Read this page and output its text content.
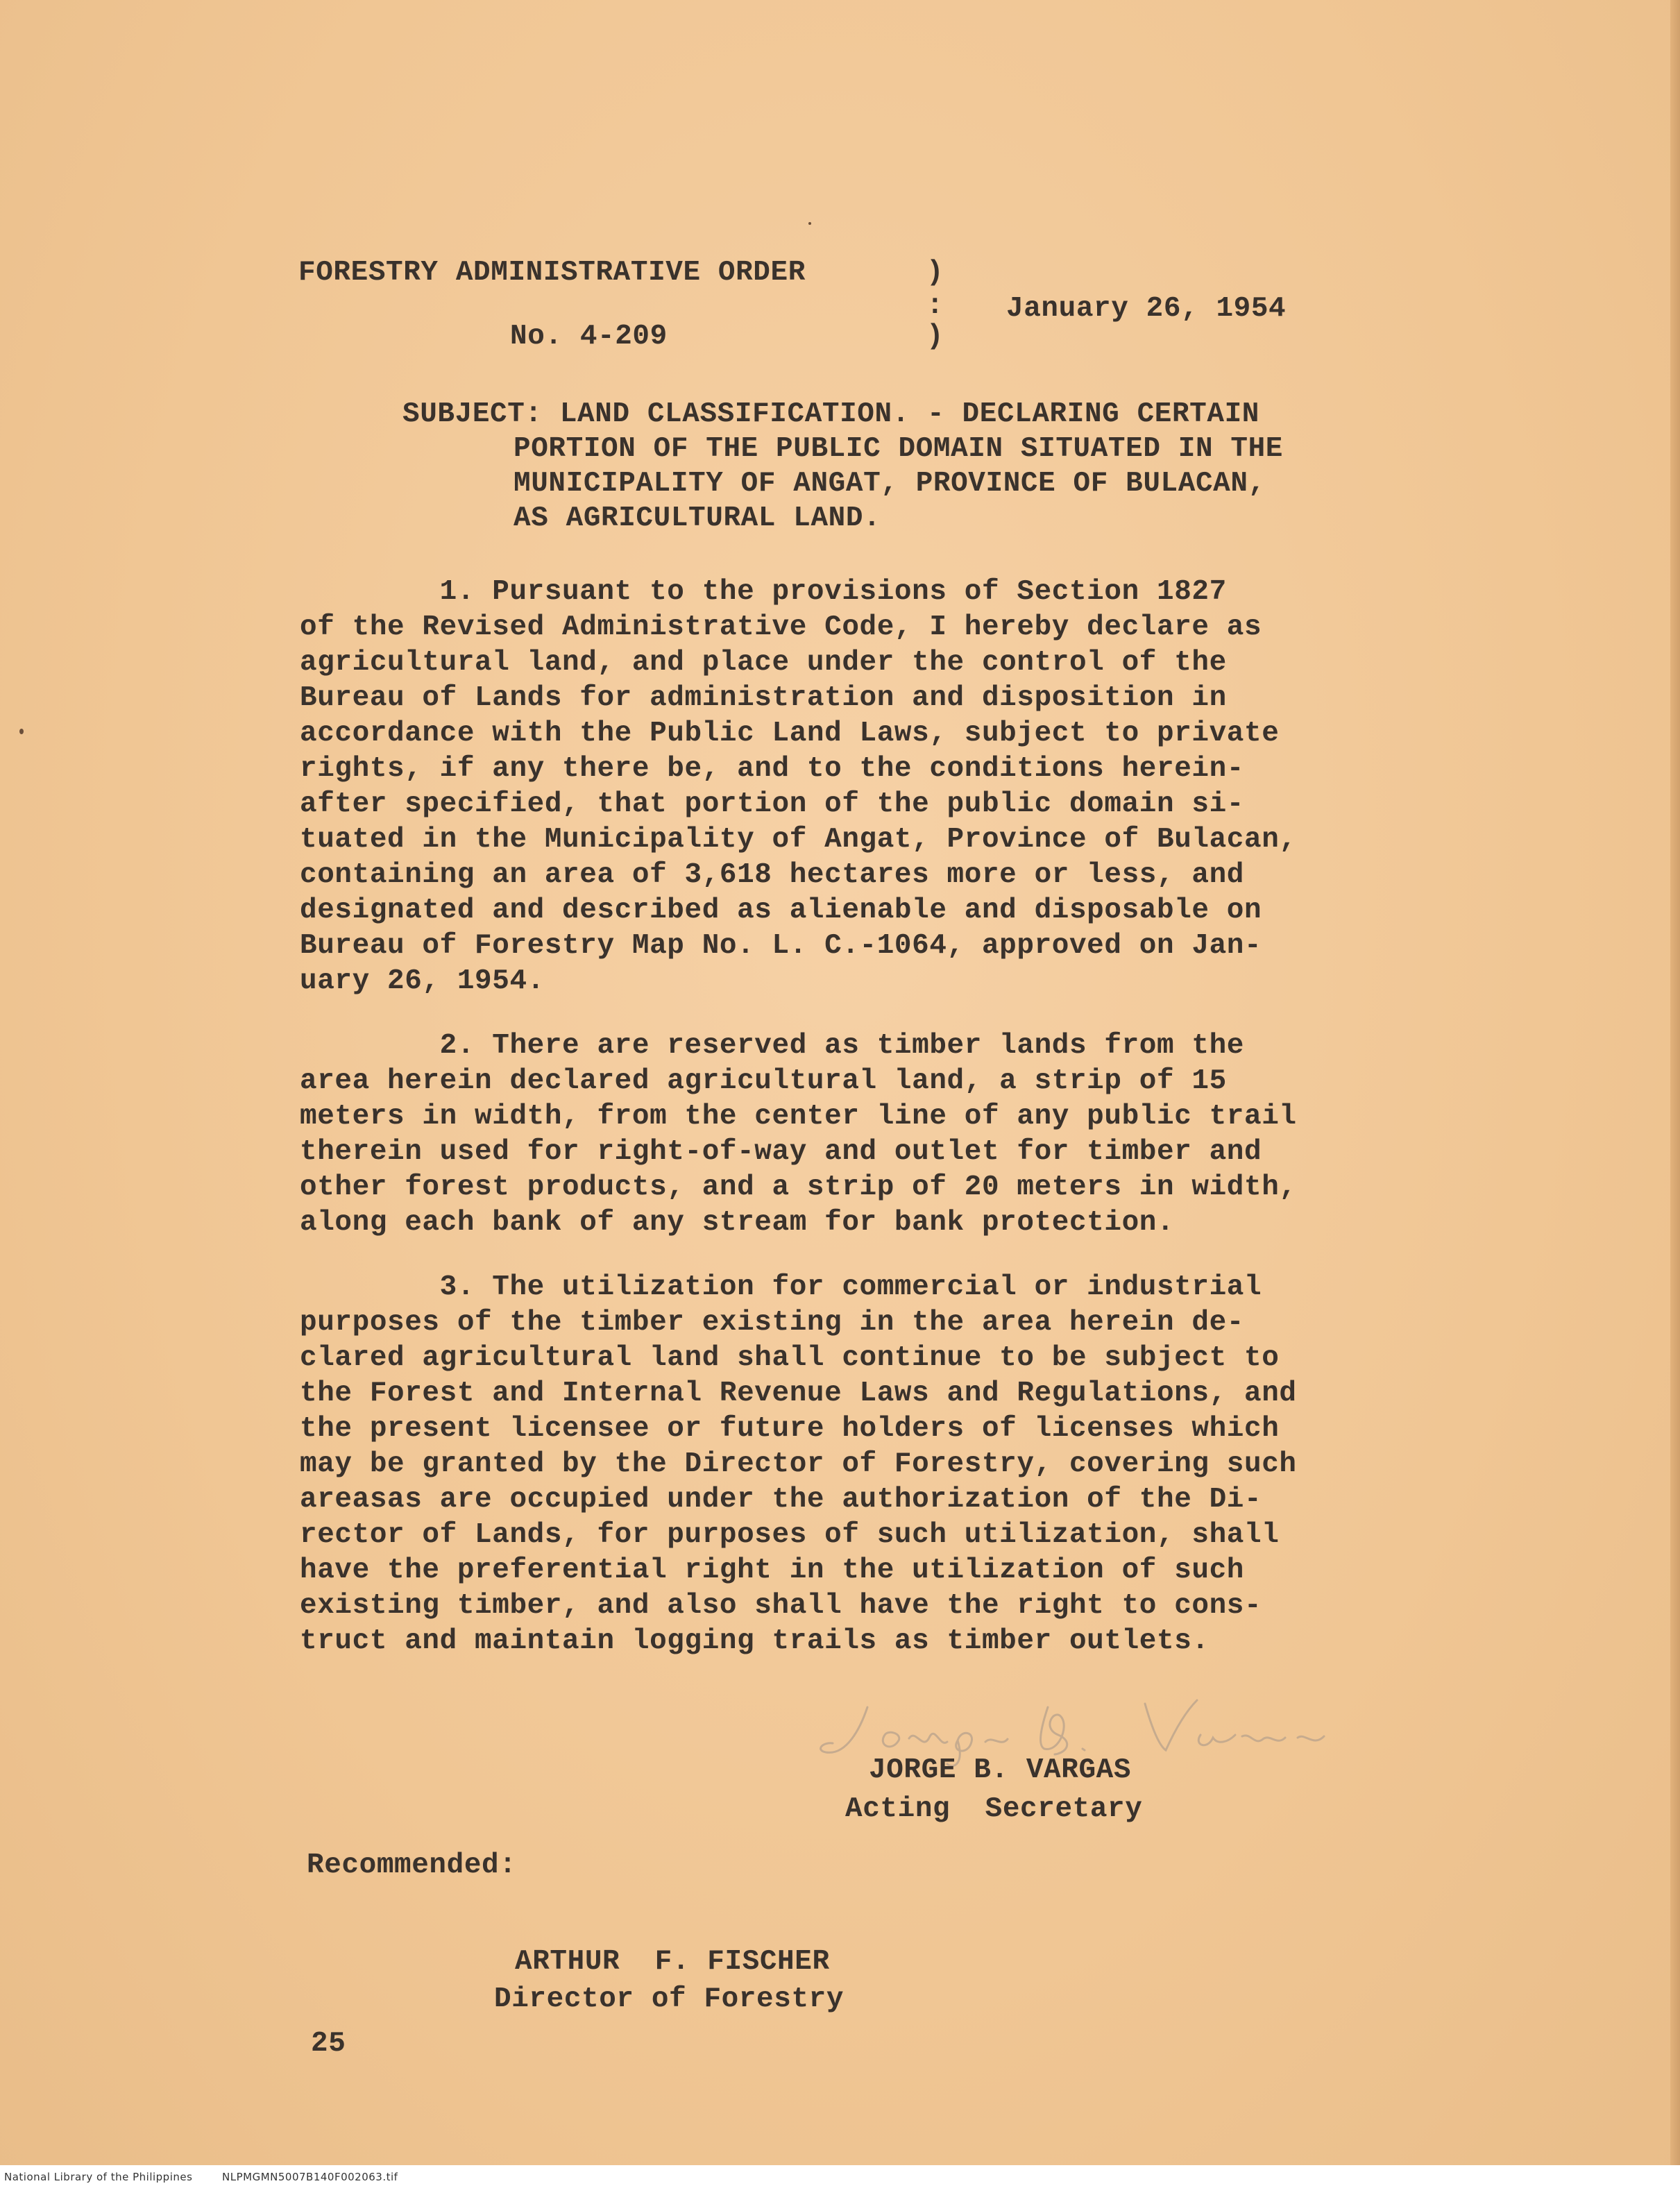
FORESTRY ADMINISTRATIVE ORDER
No. 4-209
)
:
)
January 26, 1954
SUBJECT: LAND CLASSIFICATION. - DECLARING CERTAIN
PORTION OF THE PUBLIC DOMAIN SITUATED IN THE
MUNICIPALITY OF ANGAT, PROVINCE OF BULACAN,
AS AGRICULTURAL LAND.
1. Pursuant to the provisions of Section 1827
of the Revised Administrative Code, I hereby declare as
agricultural land, and place under the control of the
Bureau of Lands for administration and disposition in
accordance with the Public Land Laws, subject to private
rights, if any there be, and to the conditions herein-
after specified, that portion of the public domain si-
tuated in the Municipality of Angat, Province of Bulacan,
containing an area of 3,618 hectares more or less, and
designated and described as alienable and disposable on
Bureau of Forestry Map No. L. C.-1064, approved on Jan-
uary 26, 1954.
2. There are reserved as timber lands from the
area herein declared agricultural land, a strip of 15
meters in width, from the center line of any public trail
therein used for right-of-way and outlet for timber and
other forest products, and a strip of 20 meters in width,
along each bank of any stream for bank protection.
3. The utilization for commercial or industrial
purposes of the timber existing in the area herein de-
clared agricultural land shall continue to be subject to
the Forest and Internal Revenue Laws and Regulations, and
the present licensee or future holders of licenses which
may be granted by the Director of Forestry, covering such
areasas are occupied under the authorization of the Di-
rector of Lands, for purposes of such utilization, shall
have the preferential right in the utilization of such
existing timber, and also shall have the right to cons-
truct and maintain logging trails as timber outlets.
JORGE B. VARGAS
Acting  Secretary
Recommended:
ARTHUR  F. FISCHER
Director of Forestry
25
National Library of the Philippines	NLPMGMN5007B140F002063.tif
